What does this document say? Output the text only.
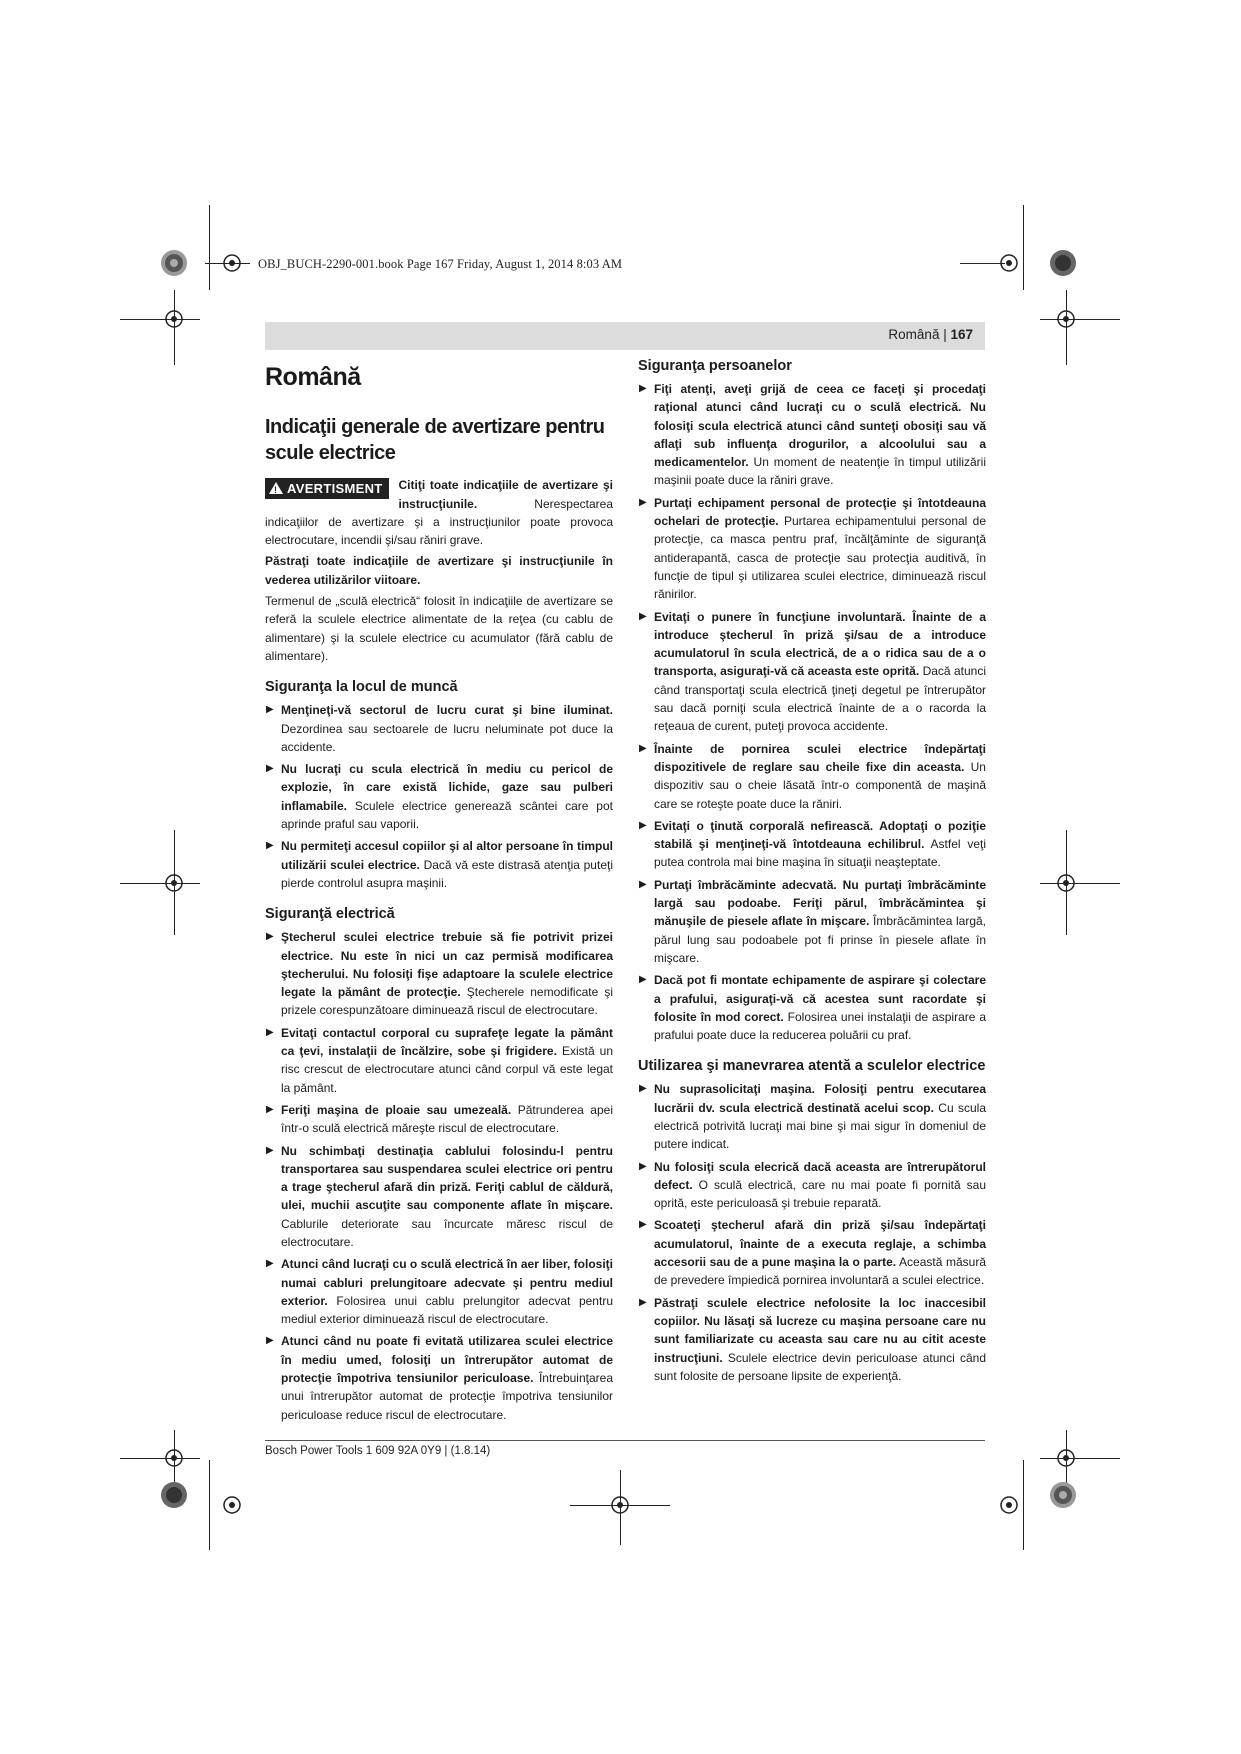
OBJ_BUCH-2290-001.book Page 167 Friday, August 1, 2014 8:03 AM
Română | 167
Română
Indicaţii generale de avertizare pentru scule electrice
!AVERTISMENT	Citiţi toate indicaţiile de avertizare şi instrucţiunile. Nerespectarea indicaţiilor de avertizare şi a instrucţiunilor poate provoca electrocutare, incendii şi/sau răniri grave.

Păstraţi toate indicaţiile de avertizare şi instrucţiunile în vederea utilizărilor viitoare.

Termenul de „sculă electrică“ folosit în indicaţiile de avertizare se referă la sculele electrice alimentate de la reţea (cu cablu de alimentare) şi la sculele electrice cu acumulator (fără cablu de alimentare).

Siguranţa la locul de muncă
▶ Menţineţi-vă sectorul de lucru curat şi bine iluminat. Dezordinea sau sectoarele de lucru neluminate pot duce la accidente.
▶ Nu lucraţi cu scula electrică în mediu cu pericol de explozie, în care există lichide, gaze sau pulberi inflamabile. Sculele electrice generează scântei care pot aprinde praful sau vaporii.
▶ Nu permiteţi accesul copiilor şi al altor persoane în timpul utilizării sculei electrice. Dacă vă este distrasă atenţia puteţi pierde controlul asupra maşinii.
Siguranţă electrică
▶ Ştecherul sculei electrice trebuie să fie potrivit prizei electrice. Nu este în nici un caz permisă modificarea ştecherului. Nu folosiţi fişe adaptoare la sculele electrice legate la pământ de protecţie. Ştecherele nemodificate şi prizele corespunzătoare diminuează riscul de electrocutare.
▶ Evitaţi contactul corporal cu suprafeţe legate la pământ ca ţevi, instalaţii de încălzire, sobe şi frigidere. Există un risc crescut de electrocutare atunci când corpul vă este legat la pământ.
▶ Feriţi maşina de ploaie sau umezeală. Pătrunderea apei într-o sculă electrică măreşte riscul de electrocutare.
▶ Nu schimbaţi destinaţia cablului folosindu-l pentru transportarea sau suspendarea sculei electrice ori pentru a trage ştecherul afară din priză. Feriţi cablul de căldură, ulei, muchii ascuţite sau componente aflate în mişcare. Cablurile deteriorate sau încurcate măresc riscul de electrocutare.
▶ Atunci când lucraţi cu o sculă electrică în aer liber, folosiţi numai cabluri prelungitoare adecvate şi pentru mediul exterior. Folosirea unui cablu prelungitor adecvat pentru mediul exterior diminuează riscul de electrocutare.
▶ Atunci când nu poate fi evitată utilizarea sculei electrice în mediu umed, folosiţi un întrerupător automat de protecţie împotriva tensiunilor periculoase. Întrebuinţarea unui întrerupător automat de protecţie împotriva tensiunilor periculoase reduce riscul de electrocutare.
Siguranţa persoanelor
▶ Fiţi atenţi, aveţi grijă de ceea ce faceţi şi procedaţi raţional atunci când lucraţi cu o sculă electrică. Nu folosiţi scula electrică atunci când sunteţi obosiţi sau vă aflaţi sub influenţa drogurilor, a alcoolului sau a medicamentelor. Un moment de neatenţie în timpul utilizării maşinii poate duce la răniri grave.
▶ Purtaţi echipament personal de protecţie şi întotdeauna ochelari de protecţie. Purtarea echipamentului personal de protecţie, ca masca pentru praf, încălţăminte de siguranţă antiderapantă, casca de protecţie sau protecţia auditivă, în funcţie de tipul şi utilizarea sculei electrice, diminuează riscul rănirilor.
▶ Evitaţi o punere în funcţiune involuntară. Înainte de a introduce ştecherul în priză şi/sau de a introduce acumulatorul în scula electrică, de a o ridica sau de a o transporta, asiguraţi-vă că aceasta este oprită. Dacă atunci când transportaţi scula electrică ţineţi degetul pe întrerupător sau dacă porniţi scula electrică înainte de a o racorda la reţeaua de curent, puteţi provoca accidente.
▶ Înainte de pornirea sculei electrice îndepărtaţi dispozitivele de reglare sau cheile fixe din aceasta. Un dispozitiv sau o cheie lăsată într-o componentă de maşină care se roteşte poate duce la răniri.
▶ Evitaţi o ţinută corporală nefirească. Adoptaţi o poziţie stabilă şi menţineţi-vă întotdeauna echilibrul. Astfel veţi putea controla mai bine maşina în situaţii neaşteptate.
▶ Purtaţi îmbrăcăminte adecvată. Nu purtaţi îmbrăcăminte largă sau podoabe. Feriţi părul, îmbrăcămintea şi mănuşile de piesele aflate în mişcare. Îmbrăcămintea largă, părul lung sau podoabele pot fi prinse în piesele aflate în mişcare.
▶ Dacă pot fi montate echipamente de aspirare şi colectare a prafului, asiguraţi-vă că acestea sunt racordate şi folosite în mod corect. Folosirea unei instalaţii de aspirare a prafului poate duce la reducerea poluării cu praf.
Utilizarea şi manevrarea atentă a sculelor electrice
▶ Nu suprasolicitaţi maşina. Folosiţi pentru executarea lucrării dv. scula electrică destinată acelui scop. Cu scula electrică potrivită lucraţi mai bine şi mai sigur în domeniul de putere indicat.
▶ Nu folosiţi scula elecrică dacă aceasta are întrerupătorul defect. O sculă electrică, care nu mai poate fi pornită sau oprită, este periculoasă şi trebuie reparată.
▶ Scoateţi ştecherul afară din priză şi/sau îndepărtaţi acumulatorul, înainte de a executa reglaje, a schimba accesorii sau de a pune maşina la o parte. Această măsură de prevedere împiedică pornirea involuntară a sculei electrice.
▶ Păstraţi sculele electrice nefolosite la loc inaccesibil copiilor. Nu lăsaţi să lucreze cu maşina persoane care nu sunt familiarizate cu aceasta sau care nu au citit aceste instrucţiuni. Sculele electrice devin periculoase atunci când sunt folosite de persoane lipsite de experienţă.
Bosch Power Tools 1 609 92A 0Y9 | (1.8.14)
